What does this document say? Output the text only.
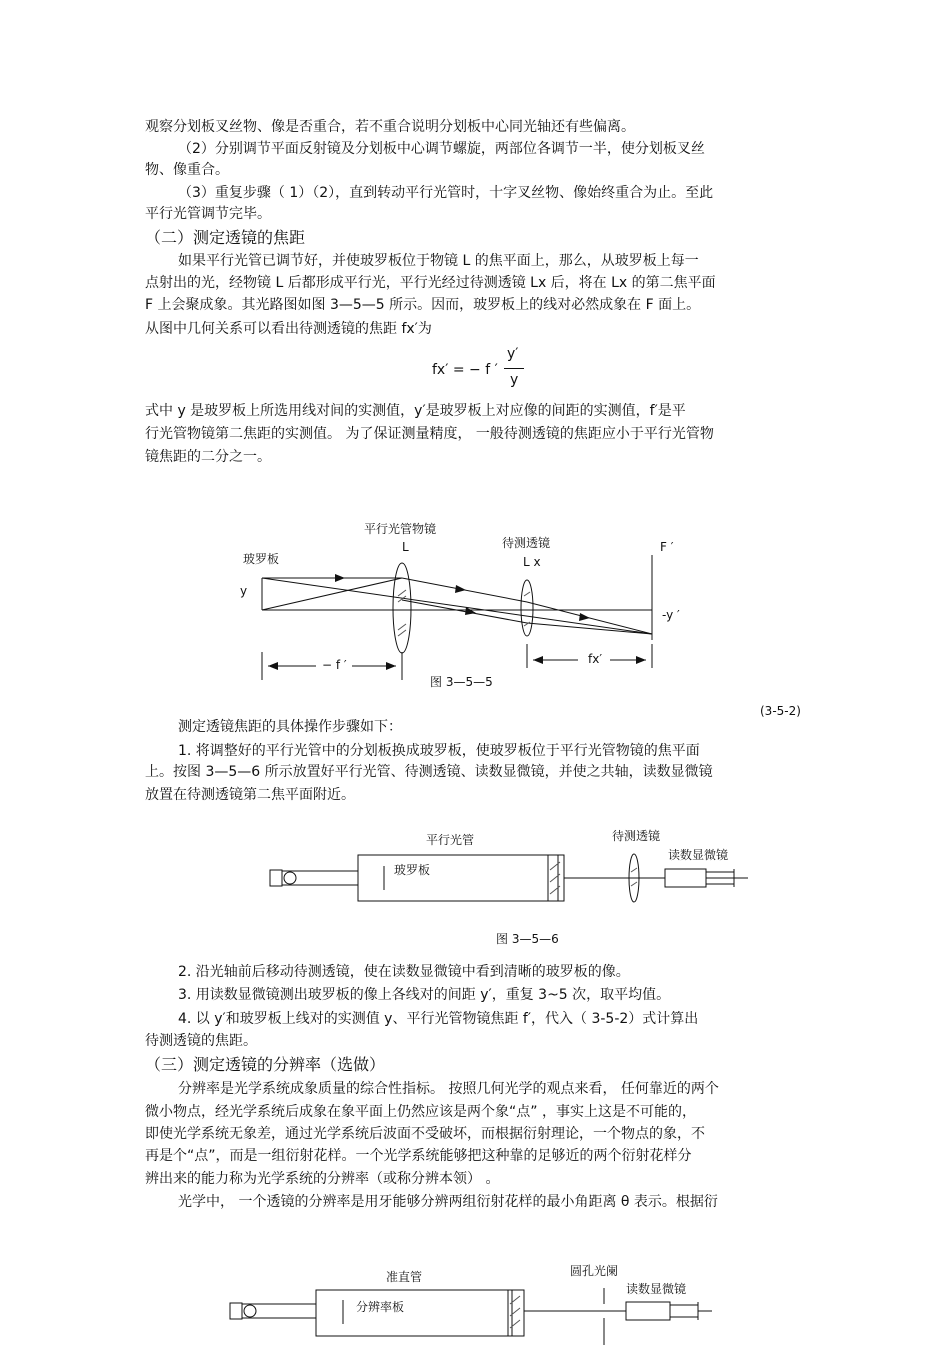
观察分划板叉丝物、像是否重合，若不重合说明分划板中心同光轴还有些偏离。
（2）分别调节平面反射镜及分划板中心调节螺旋，两部位各调节一半，使分划板叉丝
物、像重合。
（3）重复步骤（ 1）（2），直到转动平行光管时，十字叉丝物、像始终重合为止。至此
平行光管调节完毕。
（二）测定透镜的焦距
如果平行光管已调节好，并使玻罗板位于物镜 L 的焦平面上，那么，从玻罗板上每一
点射出的光，经物镜 L 后都形成平行光，平行光经过待测透镜 Lx 后，将在 Lx 的第二焦平面
F 上会聚成象。其光路图如图 3—5—5 所示。因而，玻罗板上的线对必然成象在 F 面上。
从图中几何关系可以看出待测透镜的焦距 fx′为
fx′ = − f ′
y′
y
式中 y 是玻罗板上所选用线对间的实测值，y′是玻罗板上对应像的间距的实测值，f′是平
行光管物镜第二焦距的实测值。 为了保证测量精度， 一般待测透镜的焦距应小于平行光管物
镜焦距的二分之一。
平行光管物镜
L	待测透镜
L x
F ′
玻罗板
y
-y ′
− f ′	fx′
图 3—5—5
(3-5-2)
测定透镜焦距的具体操作步骤如下：
1. 将调整好的平行光管中的分划板换成玻罗板，使玻罗板位于平行光管物镜的焦平面
上。按图 3—5—6 所示放置好平行光管、待测透镜、读数显微镜，并使之共轴，读数显微镜
放置在待测透镜第二焦平面附近。
平行光管	待测透镜
读数显微镜
玻罗板
图 3—5—6
2. 沿光轴前后移动待测透镜，使在读数显微镜中看到清晰的玻罗板的像。
3. 用读数显微镜测出玻罗板的像上各线对的间距 y′，重复 3~5 次，取平均值。
4. 以 y′和玻罗板上线对的实测值 y、平行光管物镜焦距 f′，代入（ 3-5-2）式计算出
待测透镜的焦距。
（三）测定透镜的分辨率（选做）
分辨率是光学系统成象质量的综合性指标。 按照几何光学的观点来看， 任何靠近的两个
微小物点，经光学系统后成象在象平面上仍然应该是两个象“点” ，事实上这是不可能的，
即使光学系统无象差，通过光学系统后波面不受破坏，而根据衍射理论，一个物点的象，不
再是个“点”，而是一组衍射花样。一个光学系统能够把这种靠的足够近的两个衍射花样分
辨出来的能力称为光学系统的分辨率（或称分辨本领） 。
光学中， 一个透镜的分辨率是用牙能够分辨两组衍射花样的最小角距离 θ 表示。根据衍
准直管	圆孔光阑
读数显微镜
分辨率板
